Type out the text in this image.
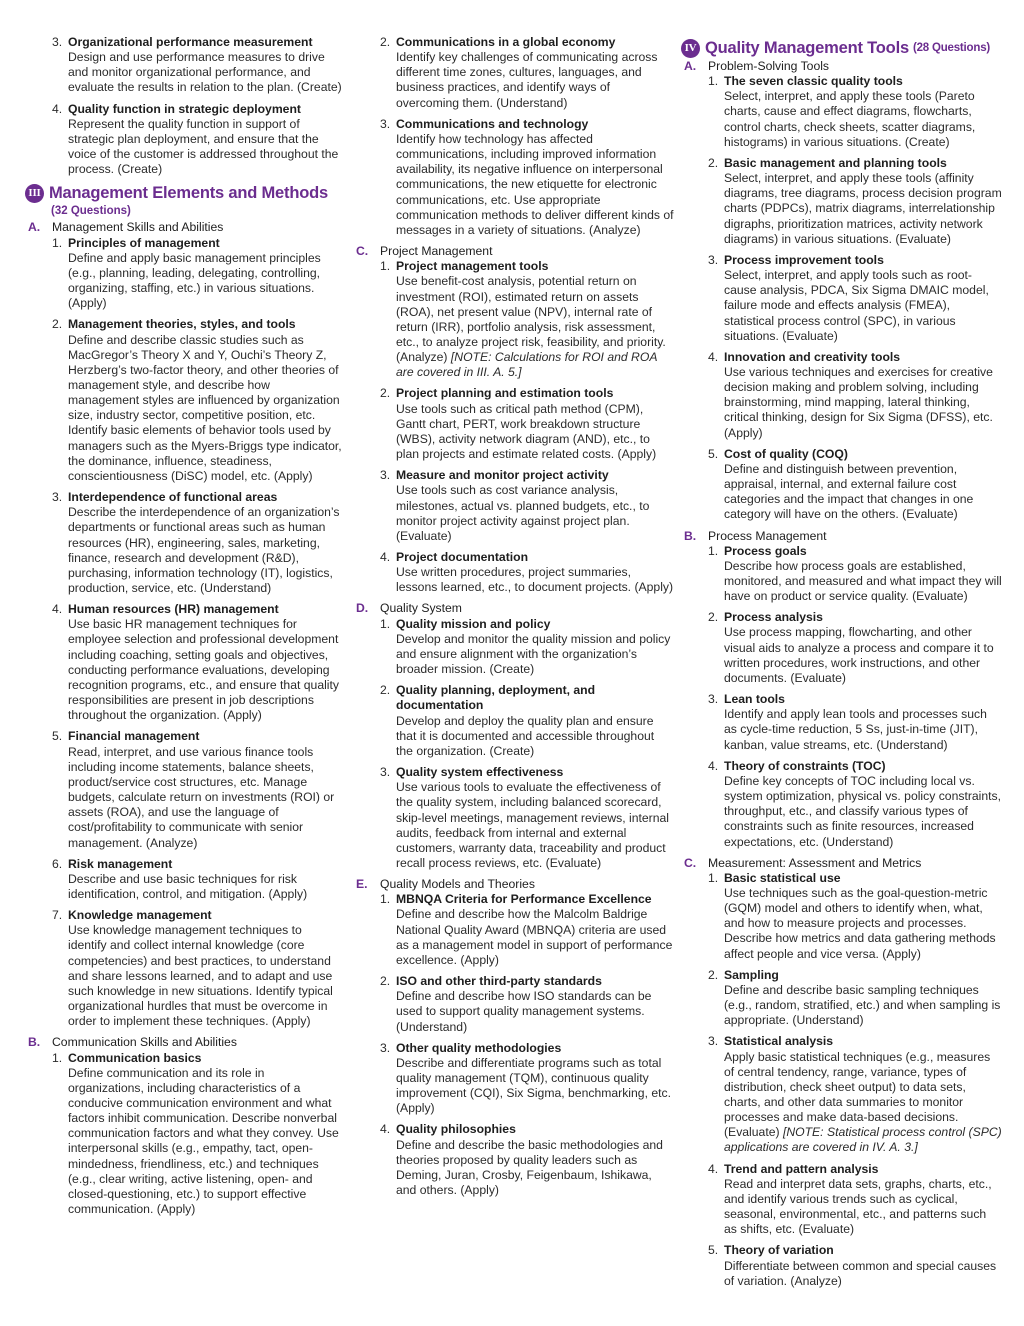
3. Organizational performance measurement
Design and use performance measures to drive and monitor organizational performance, and evaluate the results in relation to the plan. (Create)
4. Quality function in strategic deployment
Represent the quality function in support of strategic plan deployment, and ensure that the voice of the customer is addressed throughout the process. (Create)
III Management Elements and Methods
(32 Questions)
A. Management Skills and Abilities
1. Principles of management
Define and apply basic management principles (e.g., planning, leading, delegating, controlling, organizing, staffing, etc.) in various situations. (Apply)
2. Management theories, styles, and tools
Define and describe classic studies such as MacGregor’s Theory X and Y, Ouchi’s Theory Z, Herzberg’s two-factor theory, and other theories of management style, and describe how management styles are influenced by organization size, industry sector, competitive position, etc. Identify basic elements of behavior tools used by managers such as the Myers-Briggs type indicator, the dominance, influence, steadiness, conscientiousness (DiSC) model, etc. (Apply)
3. Interdependence of functional areas
Describe the interdependence of an organization’s departments or functional areas such as human resources (HR), engineering, sales, marketing, finance, research and development (R&D), purchasing, information technology (IT), logistics, production, service, etc. (Understand)
4. Human resources (HR) management
Use basic HR management techniques for employee selection and professional development including coaching, setting goals and objectives, conducting performance evaluations, developing recognition programs, etc., and ensure that quality responsibilities are present in job descriptions throughout the organization. (Apply)
5. Financial management
Read, interpret, and use various finance tools including income statements, balance sheets, product/service cost structures, etc. Manage budgets, calculate return on investments (ROI) or assets (ROA), and use the language of cost/profitability to communicate with senior management. (Analyze)
6. Risk management
Describe and use basic techniques for risk identification, control, and mitigation. (Apply)
7. Knowledge management
Use knowledge management techniques to identify and collect internal knowledge (core competencies) and best practices, to understand and share lessons learned, and to adapt and use such knowledge in new situations. Identify typical organizational hurdles that must be overcome in order to implement these techniques. (Apply)
B. Communication Skills and Abilities
1. Communication basics
Define communication and its role in organizations, including characteristics of a conducive communication environment and what factors inhibit communication. Describe nonverbal communication factors and what they convey. Use interpersonal skills (e.g., empathy, tact, open-mindedness, friendliness, etc.) and techniques (e.g., clear writing, active listening, open- and closed-questioning, etc.) to support effective communication. (Apply)
2. Communications in a global economy
Identify key challenges of communicating across different time zones, cultures, languages, and business practices, and identify ways of overcoming them. (Understand)
3. Communications and technology
Identify how technology has affected communications, including improved information availability, its negative influence on interpersonal communications, the new etiquette for electronic communications, etc. Use appropriate communication methods to deliver different kinds of messages in a variety of situations. (Analyze)
C. Project Management
1. Project management tools
Use benefit-cost analysis, potential return on investment (ROI), estimated return on assets (ROA), net present value (NPV), internal rate of return (IRR), portfolio analysis, risk assessment, etc., to analyze project risk, feasibility, and priority. (Analyze) [NOTE: Calculations for ROI and ROA are covered in III. A. 5.]
2. Project planning and estimation tools
Use tools such as critical path method (CPM), Gantt chart, PERT, work breakdown structure (WBS), activity network diagram (AND), etc., to plan projects and estimate related costs. (Apply)
3. Measure and monitor project activity
Use tools such as cost variance analysis, milestones, actual vs. planned budgets, etc., to monitor project activity against project plan. (Evaluate)
4. Project documentation
Use written procedures, project summaries, lessons learned, etc., to document projects. (Apply)
D. Quality System
1. Quality mission and policy
Develop and monitor the quality mission and policy and ensure alignment with the organization’s broader mission. (Create)
2. Quality planning, deployment, and documentation
Develop and deploy the quality plan and ensure that it is documented and accessible throughout the organization. (Create)
3. Quality system effectiveness
Use various tools to evaluate the effectiveness of the quality system, including balanced scorecard, skip-level meetings, management reviews, internal audits, feedback from internal and external customers, warranty data, traceability and product recall process reviews, etc. (Evaluate)
E.	Quality Models and Theories
1. MBNQA Criteria for Performance Excellence
Define and describe how the Malcolm Baldrige National Quality Award (MBNQA) criteria are used as a management model in support of performance excellence. (Apply)
2. ISO and other third-party standards
Define and describe how ISO standards can be used to support quality management systems. (Understand)
3. Other quality methodologies
Describe and differentiate programs such as total quality management (TQM), continuous quality improvement (CQI), Six Sigma, benchmarking, etc. (Apply)
4. Quality philosophies
Define and describe the basic methodologies and theories proposed by quality leaders such as Deming, Juran, Crosby, Feigenbaum, Ishikawa, and others. (Apply)
IV Quality Management Tools (28 Questions)
A. Problem-Solving Tools
1. The seven classic quality tools
Select, interpret, and apply these tools (Pareto charts, cause and effect diagrams, flowcharts, control charts, check sheets, scatter diagrams, histograms) in various situations. (Create)
2. Basic management and planning tools
Select, interpret, and apply these tools (affinity diagrams, tree diagrams, process decision program charts (PDPCs), matrix diagrams, interrelationship digraphs, prioritization matrices, activity network diagrams) in various situations. (Evaluate)
3. Process improvement tools
Select, interpret, and apply tools such as root-cause analysis, PDCA, Six Sigma DMAIC model, failure mode and effects analysis (FMEA), statistical process control (SPC), in various situations. (Evaluate)
4. Innovation and creativity tools
Use various techniques and exercises for creative decision making and problem solving, including brainstorming, mind mapping, lateral thinking, critical thinking, design for Six Sigma (DFSS), etc. (Apply)
5. Cost of quality (COQ)
Define and distinguish between prevention, appraisal, internal, and external failure cost categories and the impact that changes in one category will have on the others. (Evaluate)
B. Process Management
1. Process goals
Describe how process goals are established, monitored, and measured and what impact they will have on product or service quality. (Evaluate)
2. Process analysis
Use process mapping, flowcharting, and other visual aids to analyze a process and compare it to written procedures, work instructions, and other documents. (Evaluate)
3. Lean tools
Identify and apply lean tools and processes such as cycle-time reduction, 5 Ss, just-in-time (JIT), kanban, value streams, etc. (Understand)
4. Theory of constraints (TOC)
Define key concepts of TOC including local vs. system optimization, physical vs. policy constraints, throughput, etc., and classify various types of constraints such as finite resources, increased expectations, etc. (Understand)
C. Measurement: Assessment and Metrics
1. Basic statistical use
Use techniques such as the goal-question-metric (GQM) model and others to identify when, what, and how to measure projects and processes. Describe how metrics and data gathering methods affect people and vice versa. (Apply)
2. Sampling
Define and describe basic sampling techniques (e.g., random, stratified, etc.) and when sampling is appropriate. (Understand)
3. Statistical analysis
Apply basic statistical techniques (e.g., measures of central tendency, range, variance, types of distribution, check sheet output) to data sets, charts, and other data summaries to monitor processes and make data-based decisions. (Evaluate) [NOTE: Statistical process control (SPC) applications are covered in IV. A. 3.]
4. Trend and pattern analysis
Read and interpret data sets, graphs, charts, etc., and identify various trends such as cyclical, seasonal, environmental, etc., and patterns such as shifts, etc. (Evaluate)
5. Theory of variation
Differentiate between common and special causes of variation. (Analyze)
